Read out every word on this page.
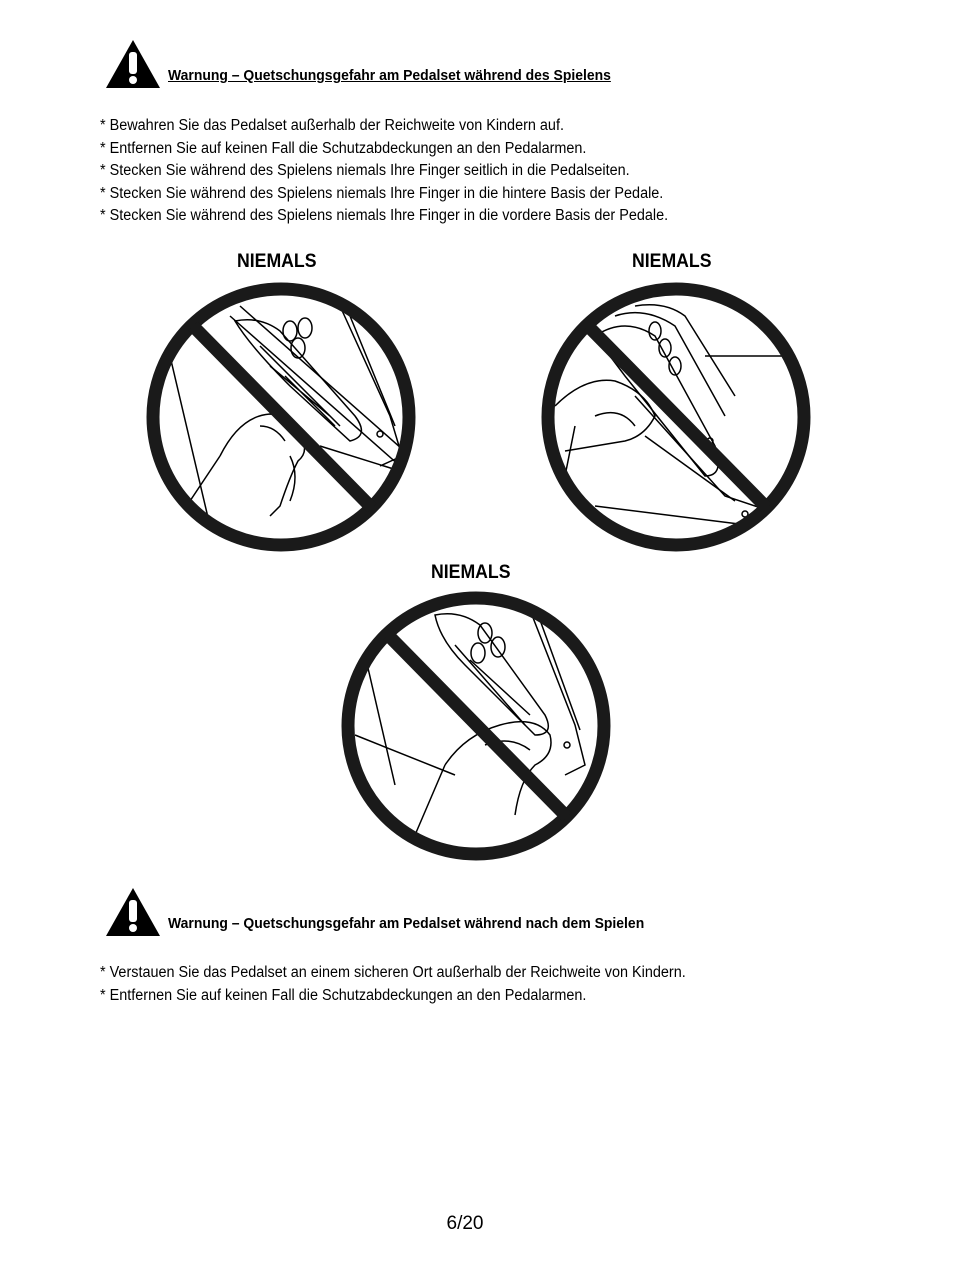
Warnung – Quetschungsgefahr am Pedalset während des Spielens
* Bewahren Sie das Pedalset außerhalb der Reichweite von Kindern auf.
* Entfernen Sie auf keinen Fall die Schutzabdeckungen an den Pedalarmen.
* Stecken Sie während des Spielens niemals Ihre Finger seitlich in die Pedalseiten.
* Stecken Sie während des Spielens niemals Ihre Finger in die hintere Basis der Pedale.
* Stecken Sie während des Spielens niemals Ihre Finger in die vordere Basis der Pedale.
NIEMALS	NIEMALS
NIEMALS
Warnung – Quetschungsgefahr am Pedalset während nach dem Spielen
* Verstauen Sie das Pedalset an einem sicheren Ort außerhalb der Reichweite von Kindern.
* Entfernen Sie auf keinen Fall die Schutzabdeckungen an den Pedalarmen.
6/20
